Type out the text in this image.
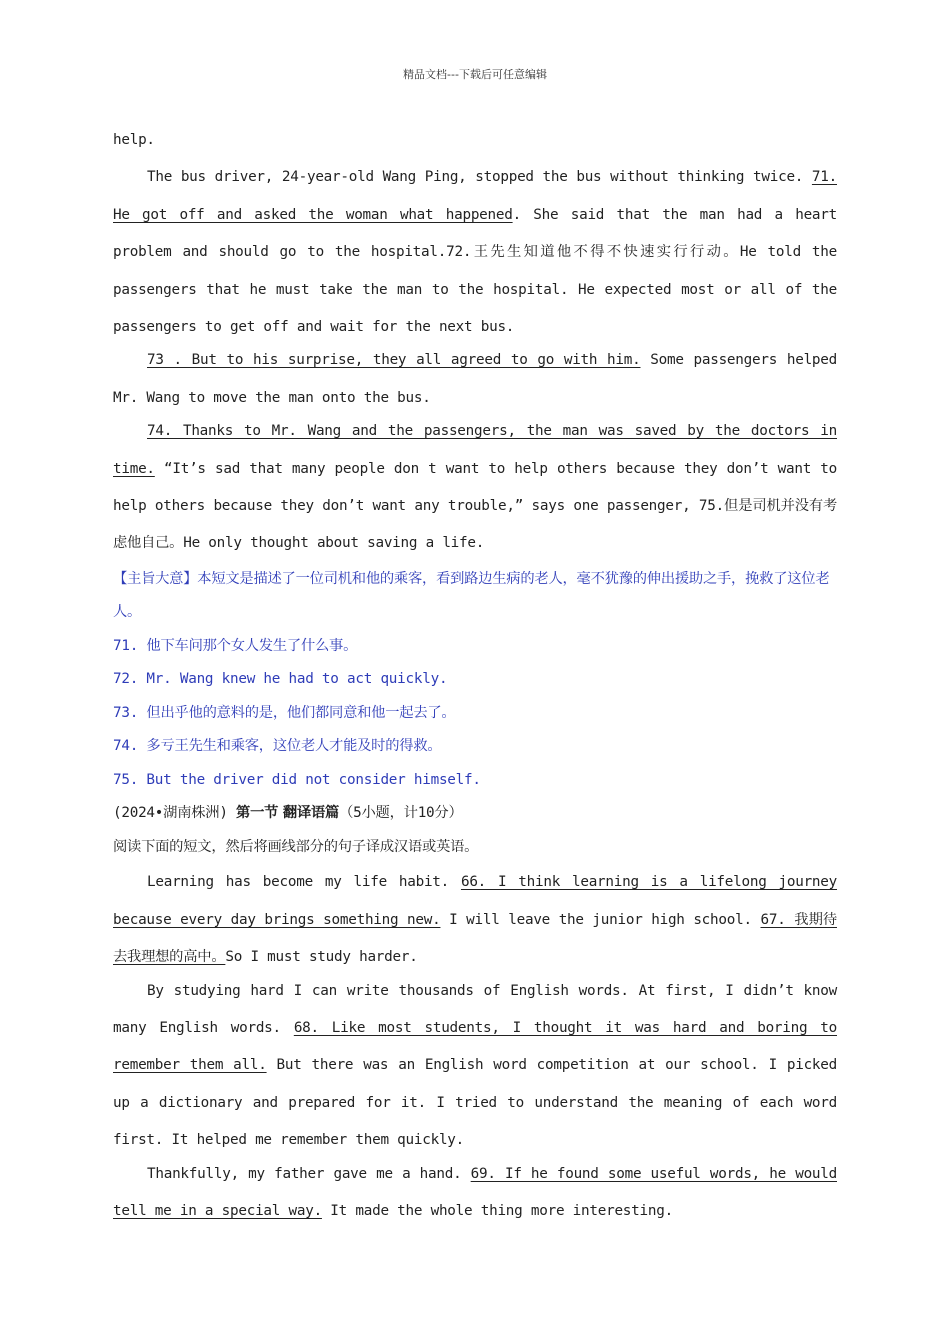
精品文档---下载后可任意编辑

help.

The bus driver, 24-year-old Wang Ping, stopped the bus without thinking twice. 71. He got off and asked the woman what happened. She said that the man had a heart problem and should go to the hospital.72.王先生知道他不得不快速实行行动。He told the passengers that he must take the man to the hospital. He expected most or all of the passengers to get off and wait for the next bus.

73 . But to his surprise, they all agreed to go with him. Some passengers helped Mr. Wang to move the man onto the bus.

74. Thanks to Mr. Wang and the passengers, the man was saved by the doctors in time. “It’s sad that many people don t want to help others because they don’t want to help others because they don’t want any trouble,” says one passenger, 75.但是司机并没有考虑他自己。He only thought about saving a life.

【主旨大意】本短文是描述了一位司机和他的乘客，看到路边生病的老人，毫不犹豫的伸出援助之手，挽救了这位老人。

71. 他下车问那个女人发生了什么事。

72. Mr. Wang knew he had to act quickly.

73. 但出乎他的意料的是，他们都同意和他一起去了。

74. 多亏王先生和乘客，这位老人才能及时的得救。

75. But the driver did not consider himself.

(2024•湖南株洲) 第一节 翻译语篇（5小题，计10分）

阅读下面的短文，然后将画线部分的句子译成汉语或英语。

Learning has become my life habit. 66. I think learning is a lifelong journey because every day brings something new. I will leave the junior high school. 67. 我期待去我理想的高中。So I must study harder.

By studying hard I can write thousands of English words. At first, I didn’t know many English words. 68. Like most students, I thought it was hard and boring to remember them all. But there was an English word competition at our school. I picked up a dictionary and prepared for it. I tried to understand the meaning of each word first. It helped me remember them quickly.

Thankfully, my father gave me a hand. 69. If he found some useful words, he would tell me in a special way. It made the whole thing more interesting.
